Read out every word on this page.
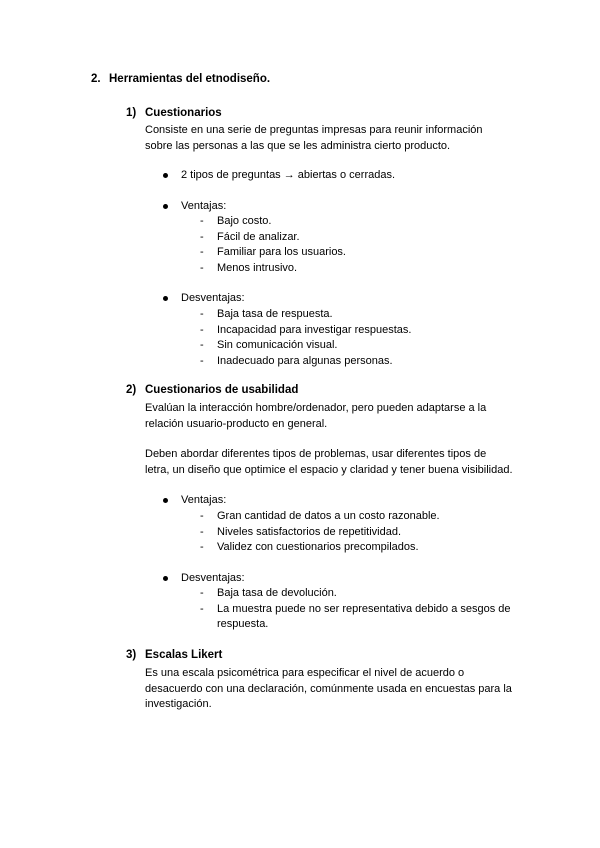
2. Herramientas del etnodiseño.
1) Cuestionarios
Consiste en una serie de preguntas impresas para reunir información
sobre las personas a las que se les administra cierto producto.
2 tipos de preguntas → abiertas o cerradas.
Ventajas:
- Bajo costo.
- Fácil de analizar.
- Familiar para los usuarios.
- Menos intrusivo.
Desventajas:
- Baja tasa de respuesta.
- Incapacidad para investigar respuestas.
- Sin comunicación visual.
- Inadecuado para algunas personas.
2) Cuestionarios de usabilidad
Evalúan la interacción hombre/ordenador, pero pueden adaptarse a la
relación usuario-producto en general.
Deben abordar diferentes tipos de problemas, usar diferentes tipos de
letra, un diseño que optimice el espacio y claridad y tener buena visibilidad.
Ventajas:
- Gran cantidad de datos a un costo razonable.
- Niveles satisfactorios de repetitividad.
- Validez con cuestionarios precompilados.
Desventajas:
- Baja tasa de devolución.
- La muestra puede no ser representativa debido a sesgos de
respuesta.
3) Escalas Likert
Es una escala psicométrica para especificar el nivel de acuerdo o
desacuerdo con una declaración, comúnmente usada en encuestas para la
investigación.
